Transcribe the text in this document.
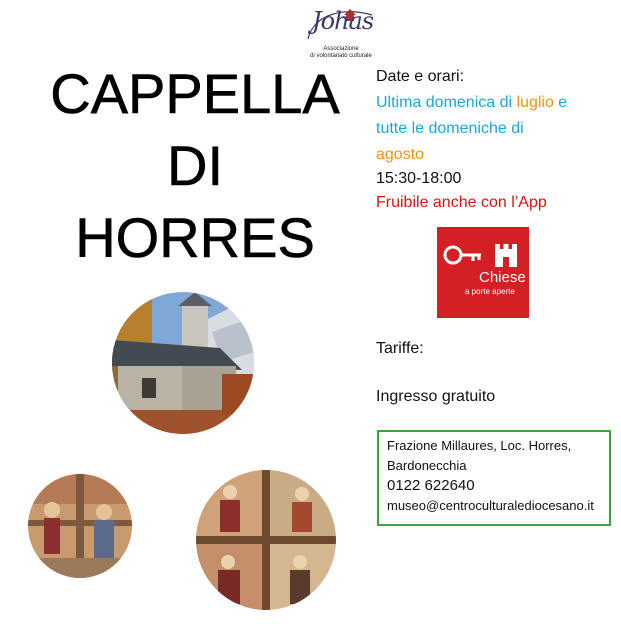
Johas
Associazione
di volontariato culturale
CAPPELLA
DI
HORRES
Date e orari:
Ultima domenica di luglio e
tutte le domeniche di
agosto
15:30-18:00
Fruibile anche con l’App
Chiese
a porte aperte
Tariffe:
Ingresso gratuito
Frazione Millaures, Loc. Horres,
Bardonecchia
0122 622640
museo@centroculturalediocesano.it
